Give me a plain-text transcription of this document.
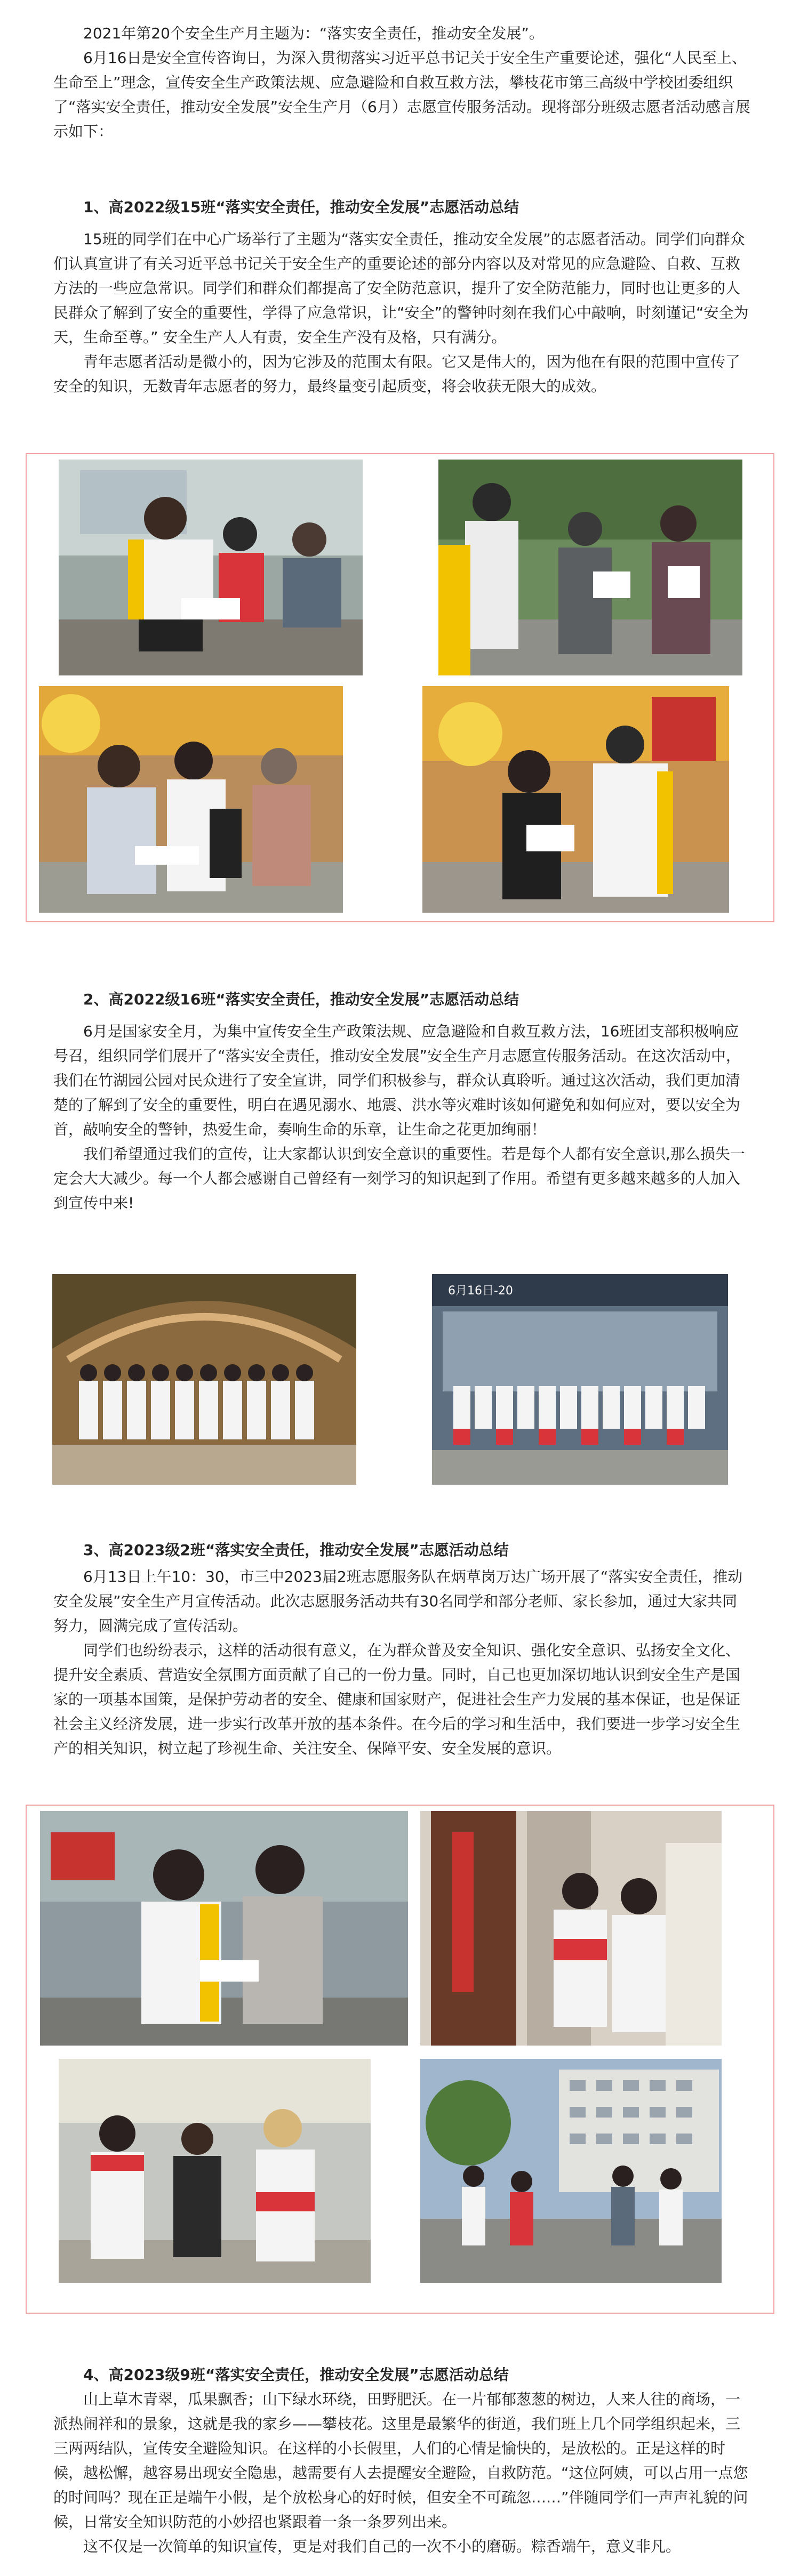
2021年第20个安全生产月主题为：“落实安全责任，推动安全发展”。

6月16日是安全宣传咨询日，为深入贯彻落实习近平总书记关于安全生产重要论述，强化“人民至上、生命至上”理念，宣传安全生产政策法规、应急避险和自救互救方法，攀枝花市第三高级中学校团委组织了“落实安全责任，推动安全发展”安全生产月（6月）志愿宣传服务活动。现将部分班级志愿者活动感言展示如下：

1、高2022级15班“落实安全责任，推动安全发展”志愿活动总结

15班的同学们在中心广场举行了主题为“落实安全责任，推动安全发展”的志愿者活动。同学们向群众们认真宣讲了有关习近平总书记关于安全生产的重要论述的部分内容以及对常见的应急避险、自救、互救方法的一些应急常识。同学们和群众们都提高了安全防范意识，提升了安全防范能力，同时也让更多的人民群众了解到了安全的重要性，学得了应急常识，让“安全”的警钟时刻在我们心中敲响，时刻谨记“安全为天，生命至尊。” 安全生产人人有责，安全生产没有及格，只有满分。

青年志愿者活动是微小的，因为它涉及的范围太有限。它又是伟大的，因为他在有限的范围中宣传了安全的知识，无数青年志愿者的努力，最终量变引起质变，将会收获无限大的成效。

2、高2022级16班“落实安全责任，推动安全发展”志愿活动总结

6月是国家安全月，为集中宣传安全生产政策法规、应急避险和自救互救方法，16班团支部积极响应号召，组织同学们展开了“落实安全责任，推动安全发展”安全生产月志愿宣传服务活动。在这次活动中，我们在竹湖园公园对民众进行了安全宣讲，同学们积极参与，群众认真聆听。通过这次活动，我们更加清楚的了解到了安全的重要性，明白在遇见溺水、地震、洪水等灾难时该如何避免和如何应对，要以安全为首，敲响安全的警钟，热爱生命，奏响生命的乐章，让生命之花更加绚丽！

我们希望通过我们的宣传，让大家都认识到安全意识的重要性。若是每个人都有安全意识,那么损失一定会大大减少。每一个人都会感谢自己曾经有一刻学习的知识起到了作用。希望有更多越来越多的人加入到宣传中来!

6月16日-20

3、高2023级2班“落实安全责任，推动安全发展”志愿活动总结

6月13日上午10：30，市三中2023届2班志愿服务队在炳草岗万达广场开展了“落实安全责任，推动安全发展”安全生产月宣传活动。此次志愿服务活动共有30名同学和部分老师、家长参加，通过大家共同努力，圆满完成了宣传活动。

同学们也纷纷表示，这样的活动很有意义，在为群众普及安全知识、强化安全意识、弘扬安全文化、提升安全素质、营造安全氛围方面贡献了自己的一份力量。同时，自己也更加深切地认识到安全生产是国家的一项基本国策，是保护劳动者的安全、健康和国家财产，促进社会生产力发展的基本保证，也是保证社会主义经济发展，进一步实行改革开放的基本条件。在今后的学习和生活中，我们要进一步学习安全生产的相关知识，树立起了珍视生命、关注安全、保障平安、安全发展的意识。

4、高2023级9班“落实安全责任，推动安全发展”志愿活动总结

山上草木青翠，瓜果飘香；山下绿水环绕，田野肥沃。在一片郁郁葱葱的树边，人来人往的商场，一派热闹祥和的景象，这就是我的家乡——攀枝花。这里是最繁华的街道，我们班上几个同学组织起来，三三两两结队，宣传安全避险知识。在这样的小长假里，人们的心情是愉快的，是放松的。正是这样的时候，越松懈，越容易出现安全隐患，越需要有人去提醒安全避险，自救防范。“这位阿姨，可以占用一点您的时间吗？现在正是端午小假，是个放松身心的好时候，但安全不可疏忽……”伴随同学们一声声礼貌的问候，日常安全知识防范的小妙招也紧跟着一条一条罗列出来。

这不仅是一次简单的知识宣传，更是对我们自己的一次不小的磨砺。粽香端午，意义非凡。
